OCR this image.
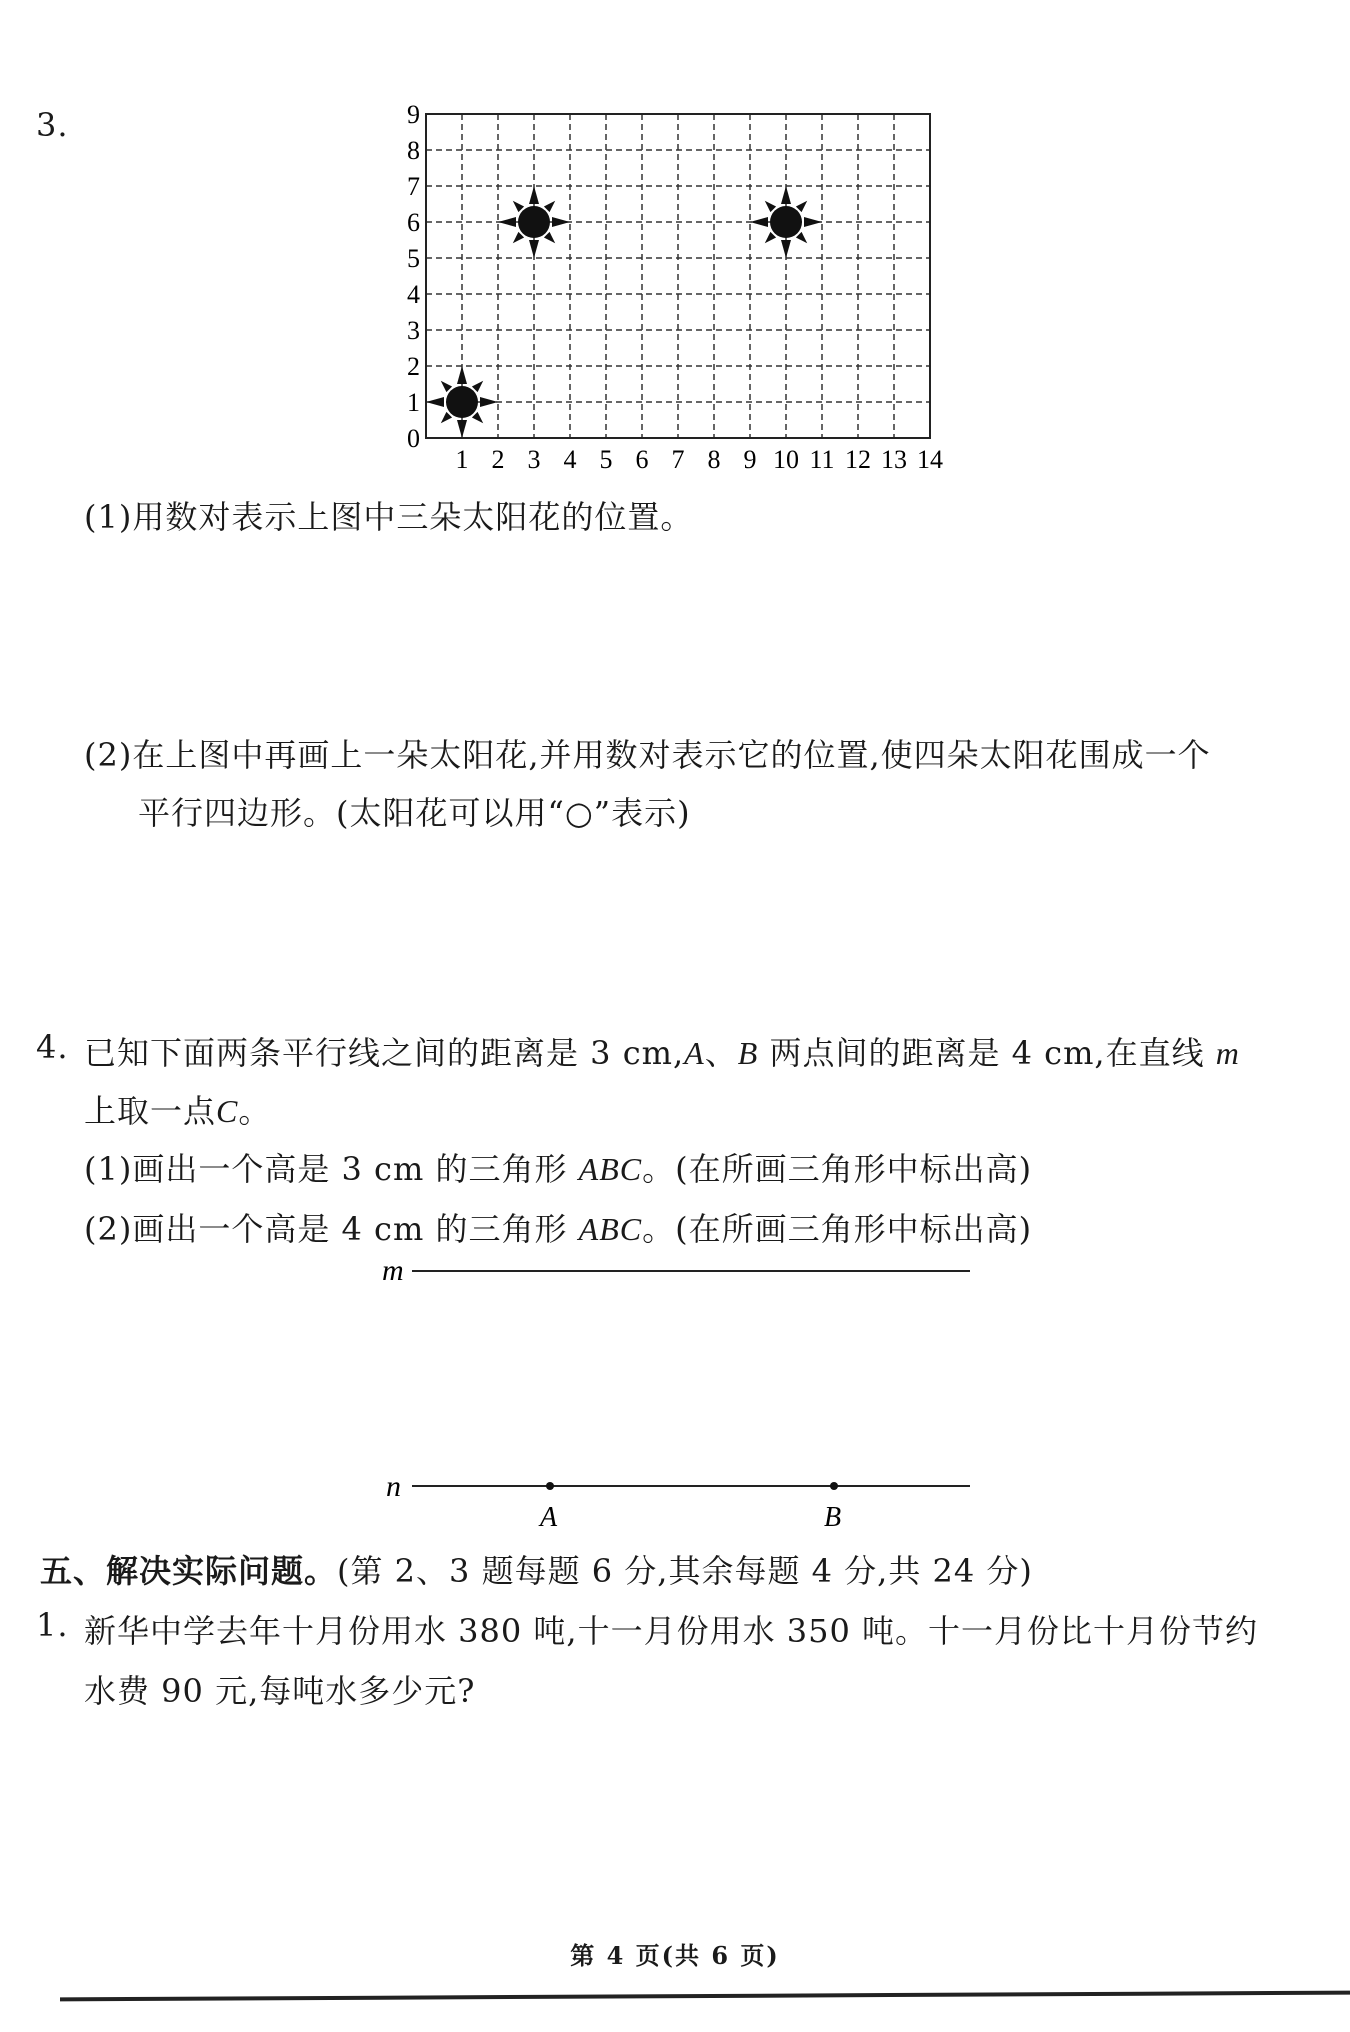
3.
1 2 3 4 5 6 7 8 9 10 11 12 13 14
0
1
2
3
4
5
6
7
8
9
(1)用数对表示上图中三朵太阳花的位置。
(2)在上图中再画上一朵太阳花,并用数对表示它的位置,使四朵太阳花围成一个
平行四边形。(太阳花可以用“○”表示)
4. 已知下面两条平行线之间的距离是 3 cm,A、B 两点间的距离是 4 cm,在直线 m
上取一点C。
(1)画出一个高是 3 cm 的三角形 ABC。(在所画三角形中标出高)
(2)画出一个高是 4 cm 的三角形 ABC。(在所画三角形中标出高)
m
n
A	B
五、解决实际问题。(第 2、3 题每题 6 分,其余每题 4 分,共 24 分)
1. 新华中学去年十月份用水 380 吨,十一月份用水 350 吨。十一月份比十月份节约
水费 90 元,每吨水多少元?
第 4 页(共 6 页)
